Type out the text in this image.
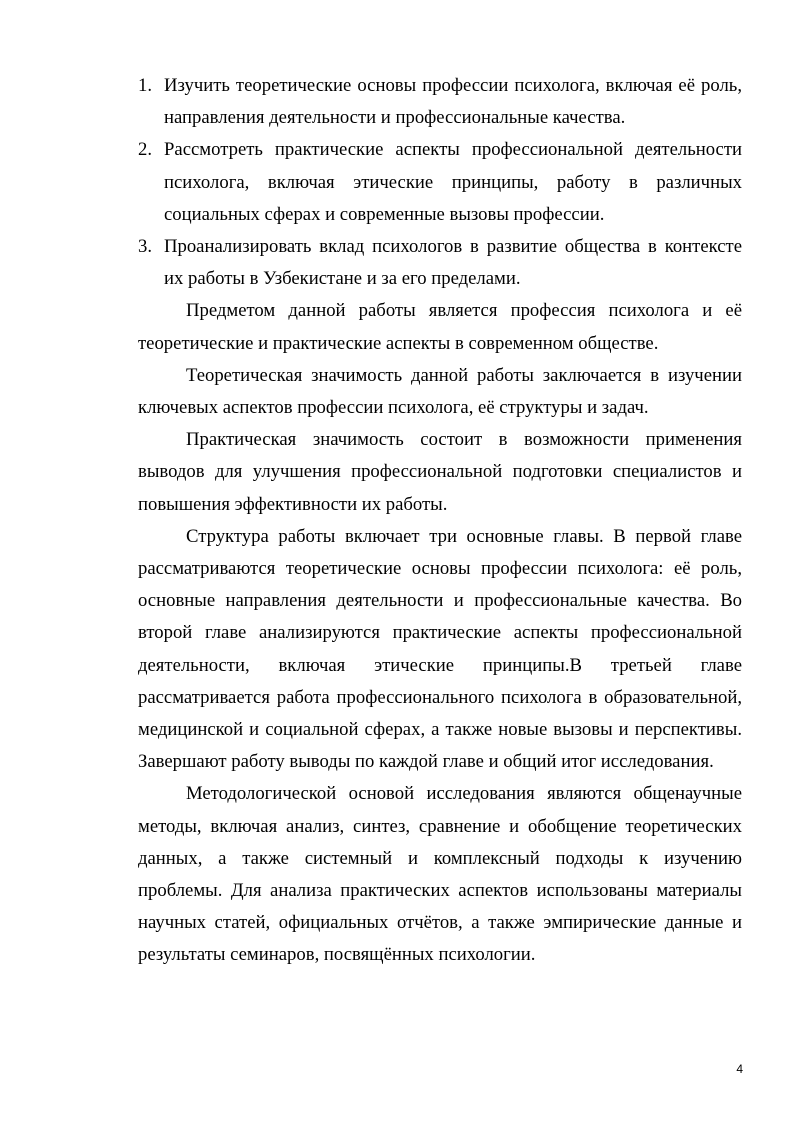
1. Изучить теоретические основы профессии психолога, включая её роль, направления деятельности и профессиональные качества.
2. Рассмотреть практические аспекты профессиональной деятельности психолога, включая этические принципы, работу в различных социальных сферах и современные вызовы профессии.
3. Проанализировать вклад психологов в развитие общества в контексте их работы в Узбекистане и за его пределами.

Предметом данной работы является профессия психолога и её теоретические и практические аспекты в современном обществе.

Теоретическая значимость данной работы заключается в изучении ключевых аспектов профессии психолога, её структуры и задач.

Практическая значимость состоит в возможности применения выводов для улучшения профессиональной подготовки специалистов и повышения эффективности их работы.

Структура работы включает три основные главы. В первой главе рассматриваются теоретические основы профессии психолога: её роль, основные направления деятельности и профессиональные качества. Во второй главе анализируются практические аспекты профессиональной деятельности, включая этические принципы.В третьей главе рассматривается работа профессионального психолога в образовательной, медицинской и социальной сферах, а также новые вызовы и перспективы. Завершают работу выводы по каждой главе и общий итог исследования.

Методологической основой исследования являются общенаучные методы, включая анализ, синтез, сравнение и обобщение теоретических данных, а также системный и комплексный подходы к изучению проблемы. Для анализа практических аспектов использованы материалы научных статей, официальных отчётов, а также эмпирические данные и результаты семинаров, посвящённых психологии.

4
